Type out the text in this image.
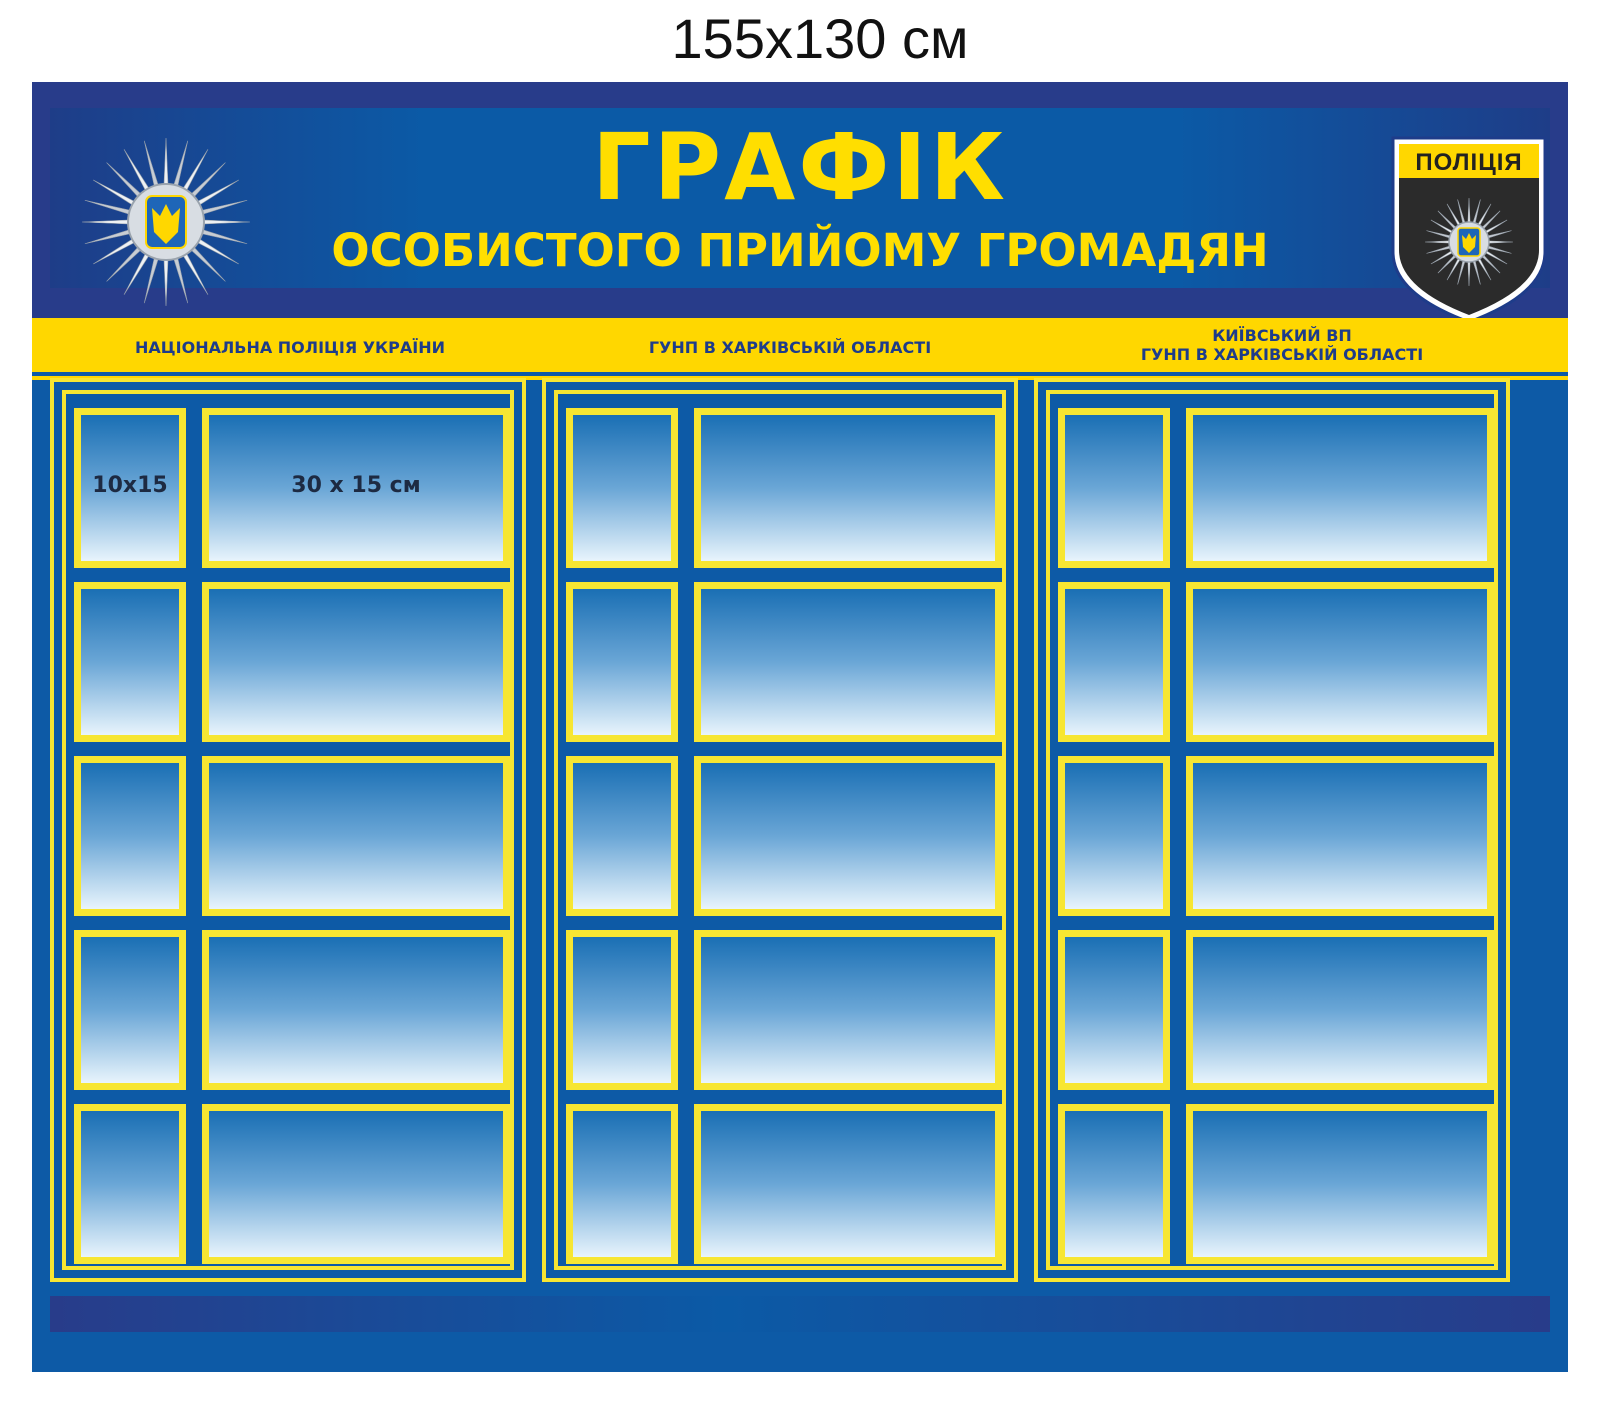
155x130 см
ПОЛІЦІЯ
ГРАФІК
ОСОБИСТОГО ПРИЙОМУ ГРОМАДЯН
НАЦІОНАЛЬНА ПОЛІЦІЯ УКРАЇНИ	ГУНП В ХАРКІВСЬКІЙ ОБЛАСТІ
КИЇВСЬКИЙ ВП
ГУНП В ХАРКІВСЬКІЙ ОБЛАСТІ
10x15	30 x 15 см
